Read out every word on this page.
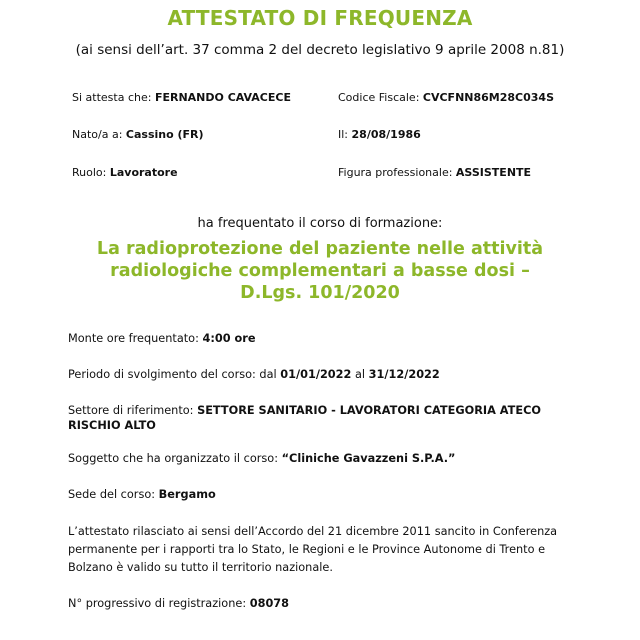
ATTESTATO DI FREQUENZA
(ai sensi dell’art. 37 comma 2 del decreto legislativo 9 aprile 2008 n.81)
Si attesta che: FERNANDO CAVACECE	Codice Fiscale: CVCFNN86M28C034S
Nato/a a: Cassino (FR)	Il: 28/08/1986
Ruolo: Lavoratore	Figura professionale: ASSISTENTE
ha frequentato il corso di formazione:
La radioprotezione del paziente nelle attività
radiologiche complementari a basse dosi –
D.Lgs. 101/2020
Monte ore frequentato: 4:00 ore
Periodo di svolgimento del corso: dal 01/01/2022 al 31/12/2022
Settore di riferimento: SETTORE SANITARIO - LAVORATORI CATEGORIA ATECO RISCHIO ALTO
Soggetto che ha organizzato il corso: “Cliniche Gavazzeni S.P.A.”
Sede del corso: Bergamo
L’attestato rilasciato ai sensi dell’Accordo del 21 dicembre 2011 sancito in Conferenza permanente per i rapporti tra lo Stato, le Regioni e le Province Autonome di Trento e Bolzano è valido su tutto il territorio nazionale.
N° progressivo di registrazione: 08078
